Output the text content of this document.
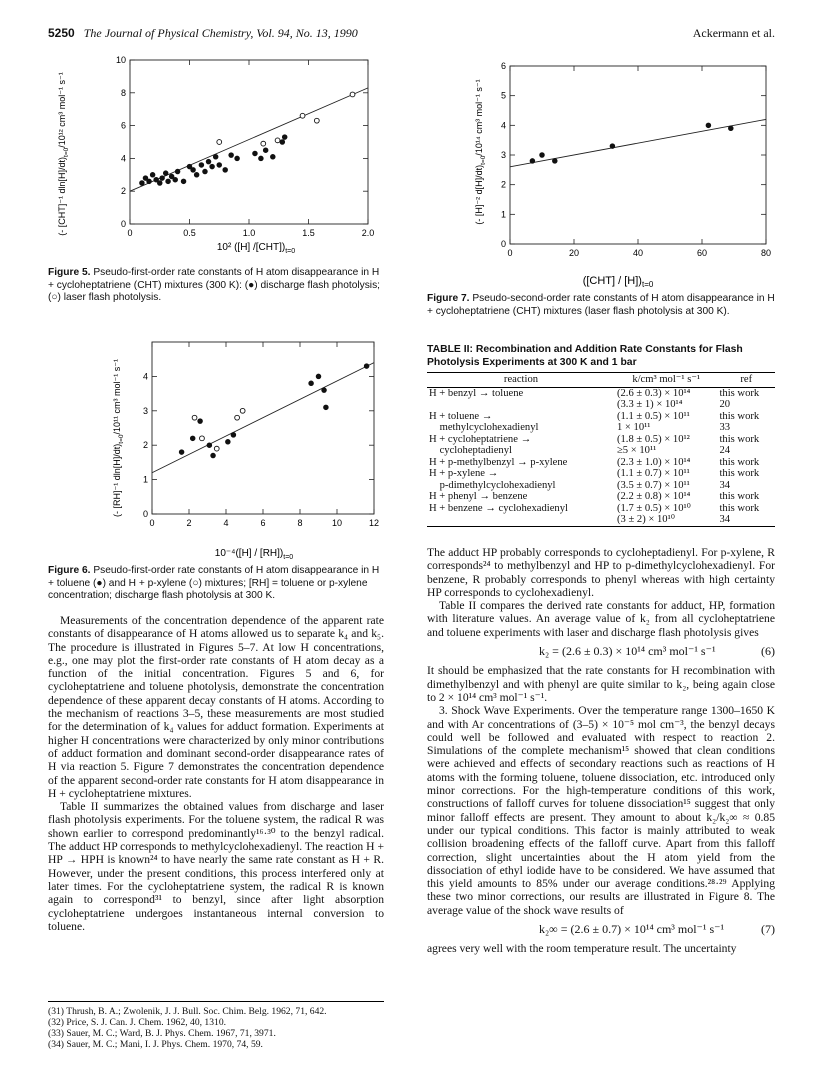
5250 The Journal of Physical Chemistry, Vol. 94, No. 13, 1990	Ackermann et al.
0	0.5	1.0	1.5	2.0
0
2
4
6
8
10
(- [CHT]⁻¹ $dln[H]/dt)_{t=0}/10^{12}$ cm³ mol⁻¹ s⁻¹
10² ([H] $/[CHT])_{t=0}$
Figure 5. Pseudo-first-order rate constants of H atom disappearance in H + cycloheptatriene (CHT) mixtures (300 K): (●) discharge flash photolysis; (○) laser flash photolysis.
0	2	4	6	8	10	12
0
1
2
3
4
(- [RH]⁻¹ $dln[H]/dt)_{t=0}/10^{11}$ cm³ mol⁻¹ s⁻¹
$10^{-4}([H] / [RH])_{t=0}$
Figure 6. Pseudo-first-order rate constants of H atom disappearance in H + toluene (●) and H + p-xylene (○) mixtures; [RH] = toluene or p-xylene concentration; discharge flash photolysis at 300 K.

Measurements of the concentration dependence of the apparent rate constants of disappearance of H atoms allowed us to separate k₄ and k₅. The procedure is illustrated in Figures 5–7. At low H concentrations, e.g., one may plot the first-order rate constants of H atom decay as a function of the initial concentration. Figures 5 and 6, for cycloheptatriene and toluene photolysis, demonstrate the concentration dependence of these apparent decay constants of H atoms. According to the mechanism of reactions 3–5, these measurements are most studied for the determination of k₄ values for adduct formation. Experiments at higher H concentrations were characterized by only minor contributions of adduct formation and dominant second-order disappearance rates of H via reaction 5. Figure 7 demonstrates the concentration dependence of the apparent second-order rate constants for H atom disappearance in H + cycloheptatriene mixtures.

Table II summarizes the obtained values from discharge and laser flash photolysis experiments. For the toluene system, the radical R was shown earlier to correspond predominantly¹⁶·³⁰ to the benzyl radical. The adduct HP corresponds to methylcyclohexadienyl. The reaction H + HP → HPH is known²⁴ to have nearly the same rate constant as H + R. However, under the present conditions, this process interfered only at later times. For the cycloheptatriene system, the radical R is known again to correspond³¹ to benzyl, since after light absorption cycloheptatriene undergoes instantaneous internal conversion to toluene.

(31) Thrush, B. A.; Zwolenik, J. J. Bull. Soc. Chim. Belg. 1962, 71, 642.
(32) Price, S. J. Can. J. Chem. 1962, 40, 1310.
(33) Sauer, M. C.; Ward, B. J. Phys. Chem. 1967, 71, 3971.
(34) Sauer, M. C.; Mani, I. J. Phys. Chem. 1970, 74, 59.
0	20	40	60	80
0
1
2
3
4
5
6
(- [H]⁻² $d[H]/dt)_{t=0}/10^{14}$ cm³ mol⁻¹ s⁻¹
$([CHT] / [H])_{t=0}$
Figure 7. Pseudo-second-order rate constants of H atom disappearance in H + cycloheptatriene (CHT) mixtures (laser flash photolysis at 300 K).
TABLE II: Recombination and Addition Rate Constants for Flash Photolysis Experiments at 300 K and 1 bar
reaction	k/cm³ mol⁻¹ s⁻¹	ref
H + benzyl → toluene	(2.6 ± 0.3) × 10¹⁴	this work
	(3.3 ± 1) × 10¹⁴	20
H + toluene →	(1.1 ± 0.5) × 10¹¹	this work
methylcyclohexadienyl	1 × 10¹¹	33
H + cycloheptatriene →	(1.8 ± 0.5) × 10¹²	this work
cycloheptadienyl	≥5 × 10¹¹	24
H + p-methylbenzyl → p-xylene	(2.3 ± 1.0) × 10¹⁴	this work
H + p-xylene →	(1.1 ± 0.7) × 10¹¹	this work
p-dimethylcyclohexadienyl	(3.5 ± 0.7) × 10¹¹	34
H + phenyl → benzene	(2.2 ± 0.8) × 10¹⁴	this work
H + benzene → cyclohexadienyl	(1.7 ± 0.5) × 10¹⁰	this work
	(3 ± 2) × 10¹⁰	34

The adduct HP probably corresponds to cycloheptadienyl. For p-xylene, R corresponds²⁴ to methylbenzyl and HP to p-dimethylcyclohexadienyl. For benzene, R probably corresponds to phenyl whereas with high certainty HP corresponds to cyclohexadienyl.

Table II compares the derived rate constants for adduct, HP, formation with literature values. An average value of k₂ from all cycloheptatriene and toluene experiments with laser and discharge flash photolysis gives

k₂ = (2.6 ± 0.3) × 10¹⁴ cm³ mol⁻¹ s⁻¹	(6)

It should be emphasized that the rate constants for H recombination with dimethylbenzyl and with phenyl are quite similar to k₂, being again close to 2 × 10¹⁴ cm³ mol⁻¹ s⁻¹.

3. Shock Wave Experiments. Over the temperature range 1300–1650 K and with Ar concentrations of (3–5) × 10⁻⁵ mol cm⁻³, the benzyl decays could well be followed and evaluated with respect to reaction 2. Simulations of the complete mechanism¹⁵ showed that clean conditions were achieved and effects of secondary reactions such as reactions of H atoms with the forming toluene, toluene dissociation, etc. introduced only minor corrections. For the high-temperature conditions of this work, constructions of falloff curves for toluene dissociation¹⁵ suggest that only minor falloff effects are present. They amount to about k₂/k₂∞ ≈ 0.85 under our typical conditions. This factor is mainly attributed to weak collision broadening effects of the falloff curve. Apart from this falloff correction, slight uncertainties about the H atom yield from the dissociation of ethyl iodide have to be considered. We have assumed that this yield amounts to 85% under our average conditions.²⁸·²⁹ Applying these two minor corrections, our results are illustrated in Figure 8. The average value of the shock wave results of

k₂∞ = (2.6 ± 0.7) × 10¹⁴ cm³ mol⁻¹ s⁻¹	(7)

agrees very well with the room temperature result. The uncertainty
